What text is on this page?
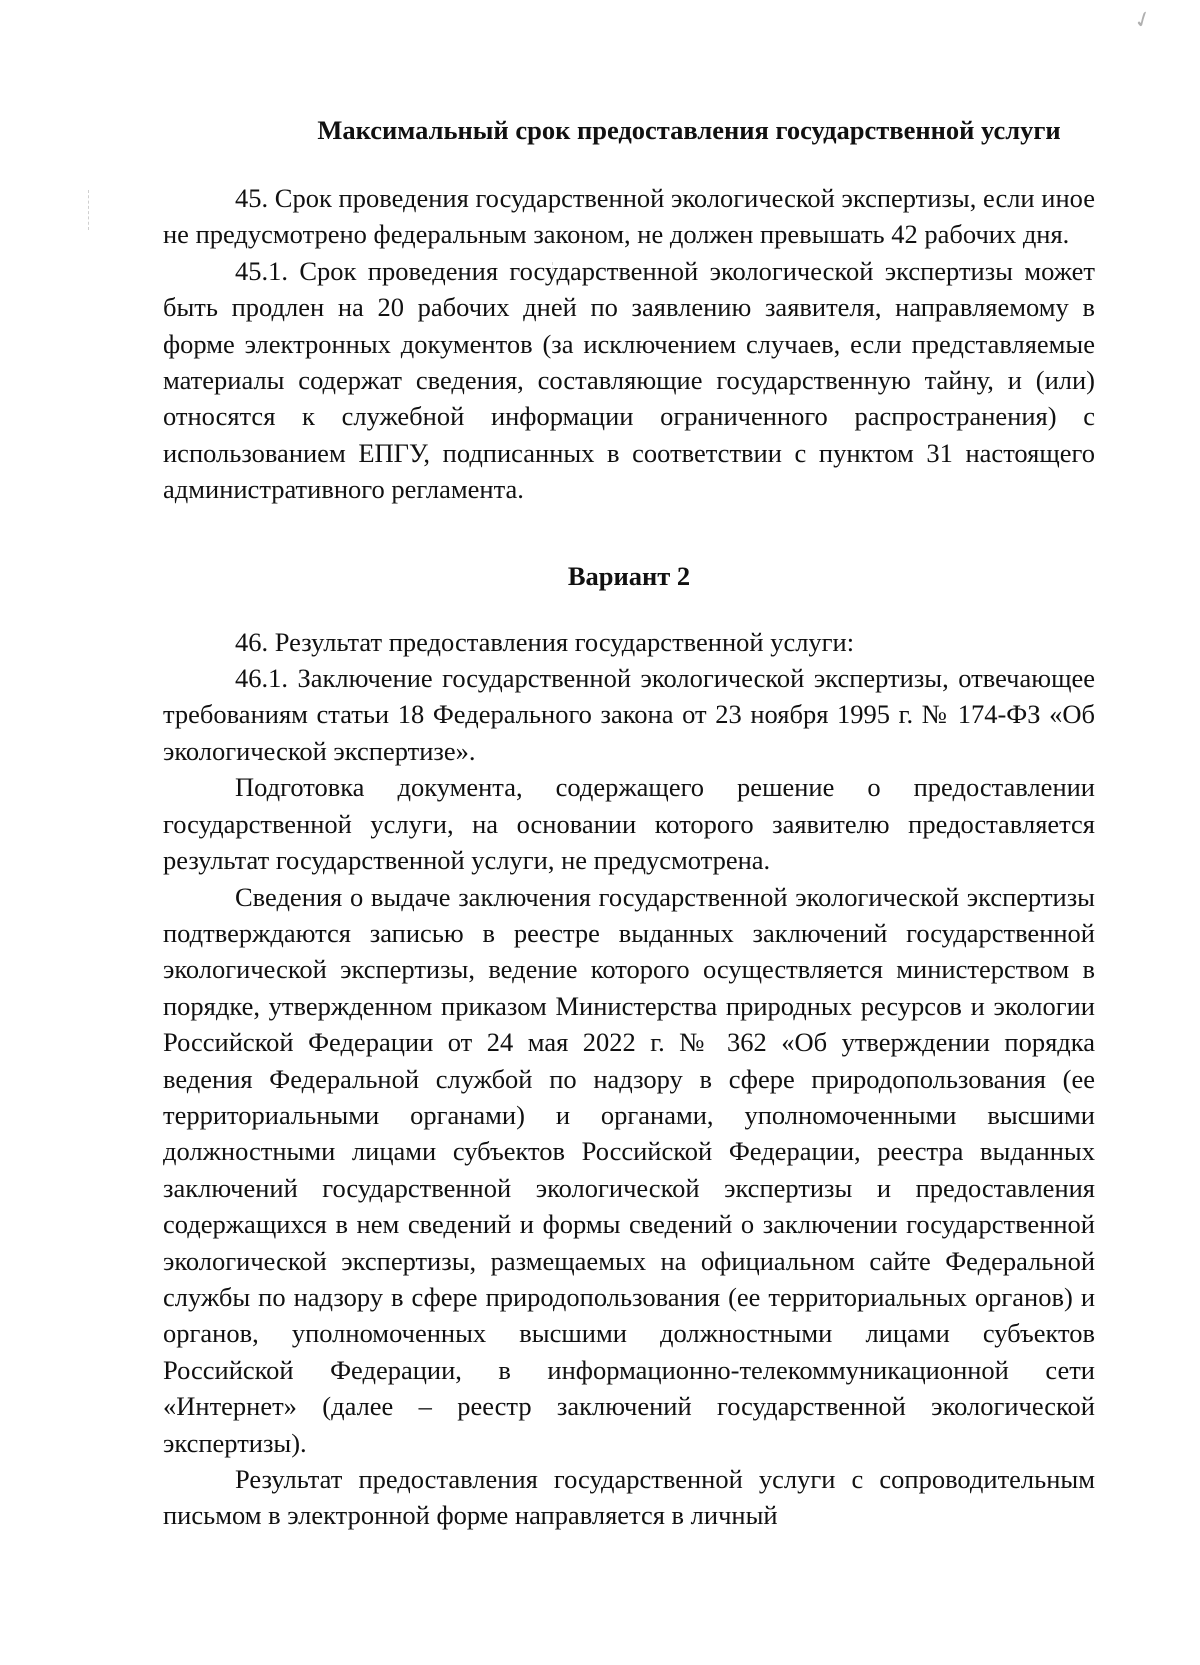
✓

Максимальный срок предоставления государственной услуги

45. Срок проведения государственной экологической экспертизы, если иное не предусмотрено федеральным законом, не должен превышать 42 рабочих дня.

45.1. Срок проведения государственной экологической экспертизы может быть продлен на 20 рабочих дней по заявлению заявителя, направляемому в форме электронных документов (за исключением случаев, если представляемые материалы содержат сведения, составляющие государственную тайну, и (или) относятся к служебной информации ограниченного распространения) с использованием ЕПГУ, подписанных в соответствии с пунктом 31 настоящего административного регламента.

Вариант 2

46. Результат предоставления государственной услуги:

46.1. Заключение государственной экологической экспертизы, отвечающее требованиям статьи 18 Федерального закона от 23 ноября 1995 г. № 174-ФЗ «Об экологической экспертизе».

Подготовка документа, содержащего решение о предоставлении государственной услуги, на основании которого заявителю предоставляется результат государственной услуги, не предусмотрена.

Сведения о выдаче заключения государственной экологической экспертизы подтверждаются записью в реестре выданных заключений государственной экологической экспертизы, ведение которого осуществляется министерством в порядке, утвержденном приказом Министерства природных ресурсов и экологии Российской Федерации от 24 мая 2022 г. № 362 «Об утверждении порядка ведения Федеральной службой по надзору в сфере природопользования (ее территориальными органами) и органами, уполномоченными высшими должностными лицами субъектов Российской Федерации, реестра выданных заключений государственной экологической экспертизы и предоставления содержащихся в нем сведений и формы сведений о заключении государственной экологической экспертизы, размещаемых на официальном сайте Федеральной службы по надзору в сфере природопользования (ее территориальных органов) и органов, уполномоченных высшими должностными лицами субъектов Российской Федерации, в информационно-телекоммуникационной сети «Интернет» (далее – реестр заключений государственной экологической экспертизы).

Результат предоставления государственной услуги с сопроводительным письмом в электронной форме направляется в личный
